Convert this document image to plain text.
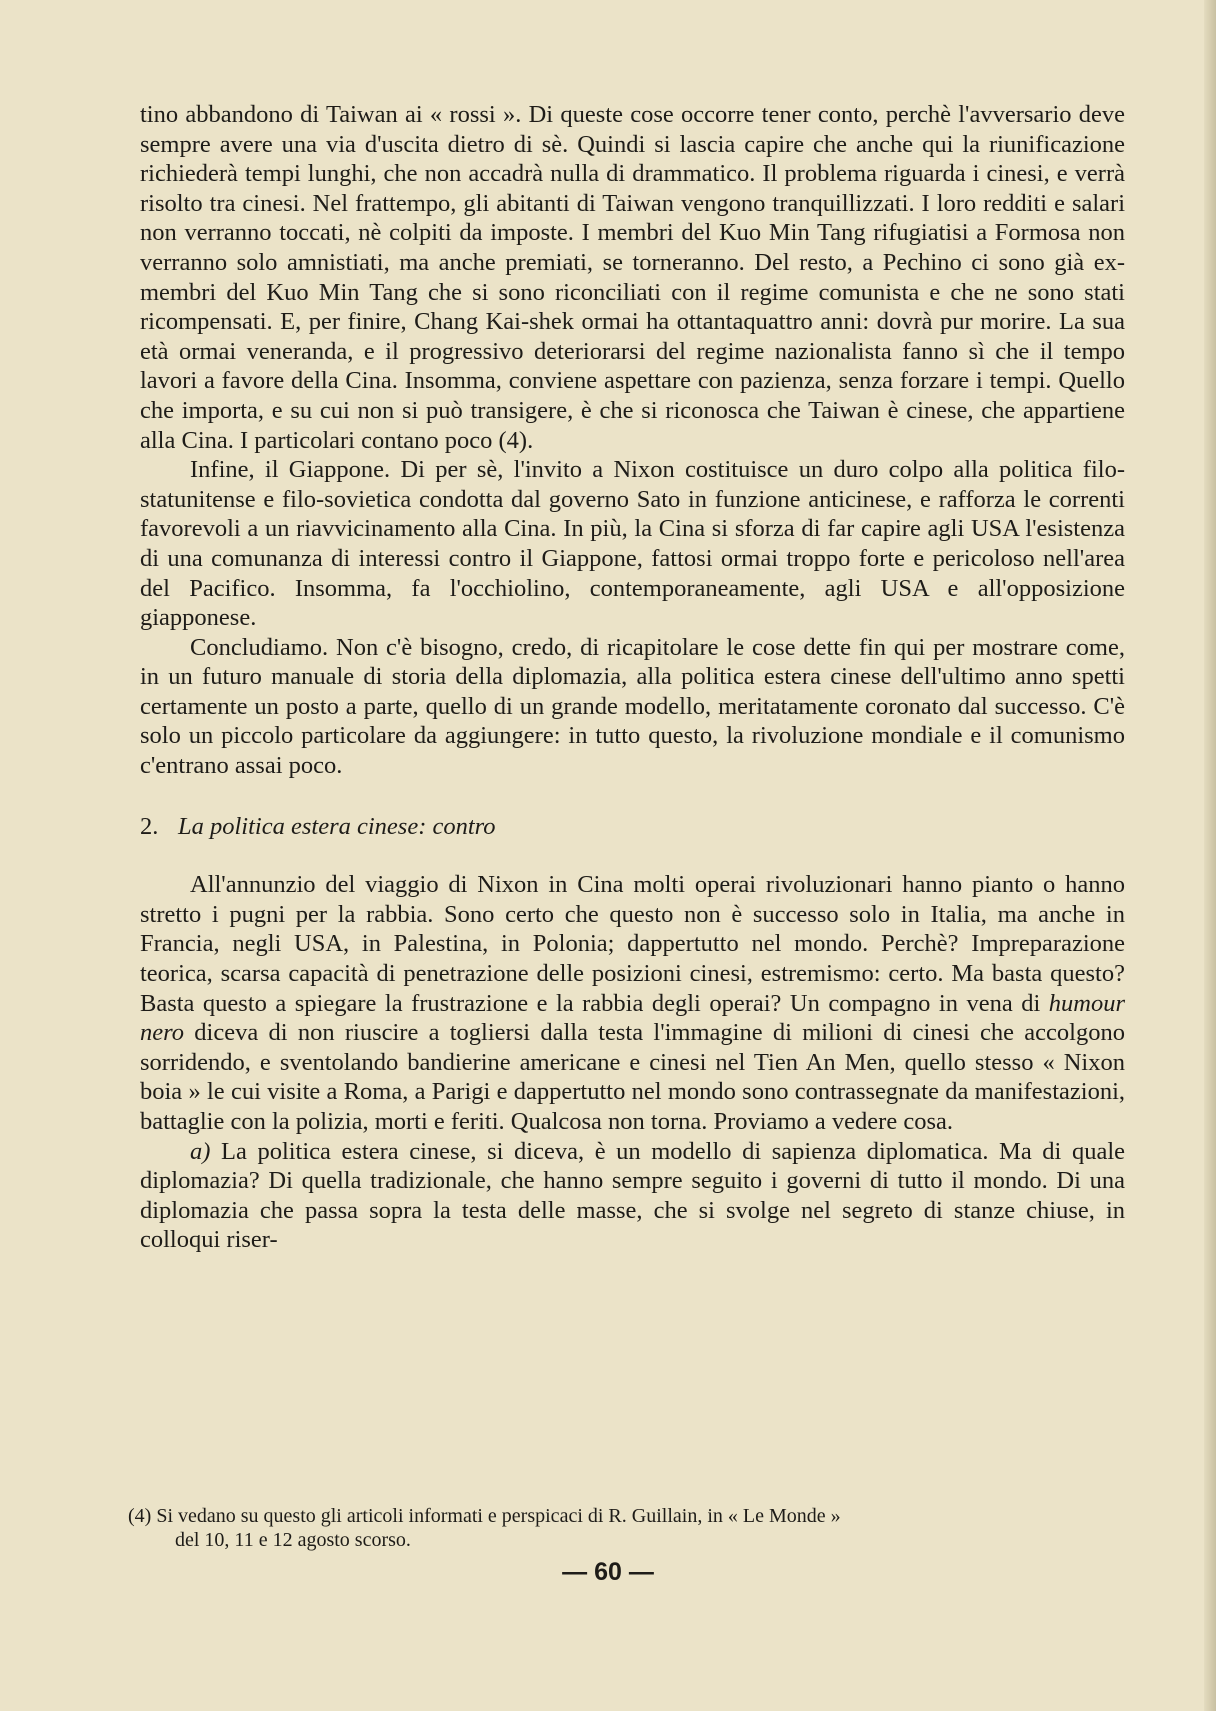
tino abbandono di Taiwan ai « rossi ». Di queste cose occorre tener conto, perchè l'avversario deve sempre avere una via d'uscita dietro di sè. Quindi si lascia capire che anche qui la riunificazione richiederà tempi lunghi, che non accadrà nulla di drammatico. Il problema riguarda i cinesi, e verrà risolto tra cinesi. Nel frattempo, gli abitanti di Taiwan vengono tranquillizzati. I loro redditi e salari non verranno toccati, nè colpiti da imposte. I membri del Kuo Min Tang rifugiatisi a Formosa non verranno solo amnistiati, ma anche premiati, se torneranno. Del resto, a Pechino ci sono già ex-membri del Kuo Min Tang che si sono riconciliati con il regime comunista e che ne sono stati ricompensati. E, per finire, Chang Kai-shek ormai ha ottantaquattro anni: dovrà pur morire. La sua età ormai veneranda, e il progressivo deteriorarsi del regime nazionalista fanno sì che il tempo lavori a favore della Cina. Insomma, conviene aspettare con pazienza, senza forzare i tempi. Quello che importa, e su cui non si può transigere, è che si riconosca che Taiwan è cinese, che appartiene alla Cina. I particolari contano poco (4).

Infine, il Giappone. Di per sè, l'invito a Nixon costituisce un duro colpo alla politica filo-statunitense e filo-sovietica condotta dal governo Sato in funzione anticinese, e rafforza le correnti favorevoli a un riavvicinamento alla Cina. In più, la Cina si sforza di far capire agli USA l'esistenza di una comunanza di interessi contro il Giappone, fattosi ormai troppo forte e pericoloso nell'area del Pacifico. Insomma, fa l'occhiolino, contemporaneamente, agli USA e all'opposizione giapponese.

Concludiamo. Non c'è bisogno, credo, di ricapitolare le cose dette fin qui per mostrare come, in un futuro manuale di storia della diplomazia, alla politica estera cinese dell'ultimo anno spetti certamente un posto a parte, quello di un grande modello, meritatamente coronato dal successo. C'è solo un piccolo particolare da aggiungere: in tutto questo, la rivoluzione mondiale e il comunismo c'entrano assai poco.

2. La politica estera cinese: contro

All'annunzio del viaggio di Nixon in Cina molti operai rivoluzionari hanno pianto o hanno stretto i pugni per la rabbia. Sono certo che questo non è successo solo in Italia, ma anche in Francia, negli USA, in Palestina, in Polonia; dappertutto nel mondo. Perchè? Impreparazione teorica, scarsa capacità di penetrazione delle posizioni cinesi, estremismo: certo. Ma basta questo? Basta questo a spiegare la frustrazione e la rabbia degli operai? Un compagno in vena di humour nero diceva di non riuscire a togliersi dalla testa l'immagine di milioni di cinesi che accolgono sorridendo, e sventolando bandierine americane e cinesi nel Tien An Men, quello stesso « Nixon boia » le cui visite a Roma, a Parigi e dappertutto nel mondo sono contrassegnate da manifestazioni, battaglie con la polizia, morti e feriti. Qualcosa non torna. Proviamo a vedere cosa.

a) La politica estera cinese, si diceva, è un modello di sapienza diplomatica. Ma di quale diplomazia? Di quella tradizionale, che hanno sempre seguito i governi di tutto il mondo. Di una diplomazia che passa sopra la testa delle masse, che si svolge nel segreto di stanze chiuse, in colloqui riser-

(4) Si vedano su questo gli articoli informati e perspicaci di R. Guillain, in « Le Monde »
del 10, 11 e 12 agosto scorso.
— 60 —
